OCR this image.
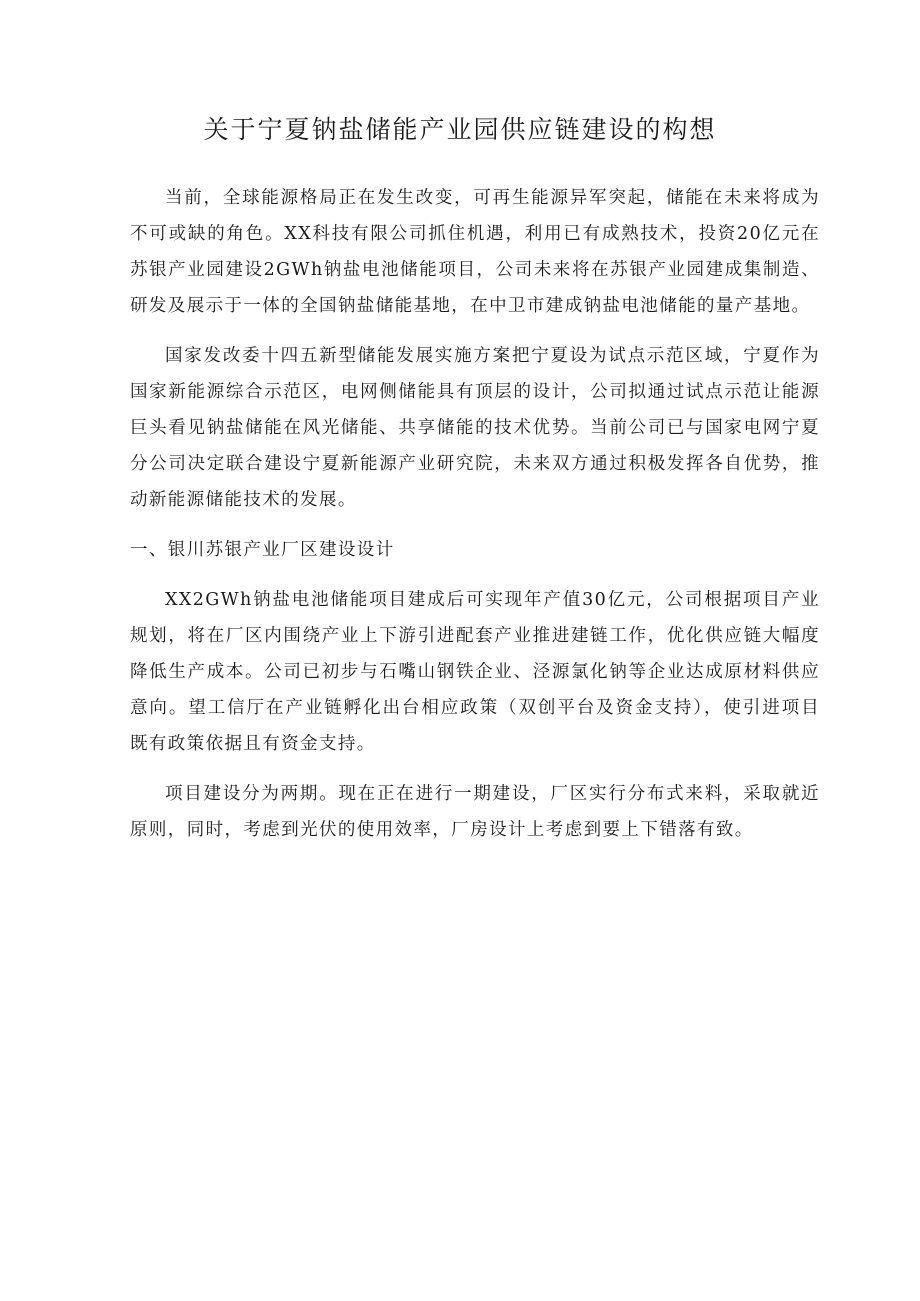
关于宁夏钠盐储能产业园供应链建设的构想

当前，全球能源格局正在发生改变，可再生能源异军突起，储能在未来将成为不可或缺的角色。XX科技有限公司抓住机遇，利用已有成熟技术，投资20亿元在苏银产业园建设2GWh钠盐电池储能项目，公司未来将在苏银产业园建成集制造、研发及展示于一体的全国钠盐储能基地，在中卫市建成钠盐电池储能的量产基地。

国家发改委十四五新型储能发展实施方案把宁夏设为试点示范区域，宁夏作为国家新能源综合示范区，电网侧储能具有顶层的设计，公司拟通过试点示范让能源巨头看见钠盐储能在风光储能、共享储能的技术优势。当前公司已与国家电网宁夏分公司决定联合建设宁夏新能源产业研究院，未来双方通过积极发挥各自优势，推动新能源储能技术的发展。

一、银川苏银产业厂区建设设计

XX2GWh钠盐电池储能项目建成后可实现年产值30亿元，公司根据项目产业规划，将在厂区内围绕产业上下游引进配套产业推进建链工作，优化供应链大幅度降低生产成本。公司已初步与石嘴山钢铁企业、泾源氯化钠等企业达成原材料供应意向。望工信厅在产业链孵化出台相应政策（双创平台及资金支持），使引进项目既有政策依据且有资金支持。

项目建设分为两期。现在正在进行一期建设，厂区实行分布式来料，采取就近原则，同时，考虑到光伏的使用效率，厂房设计上考虑到要上下错落有致。
